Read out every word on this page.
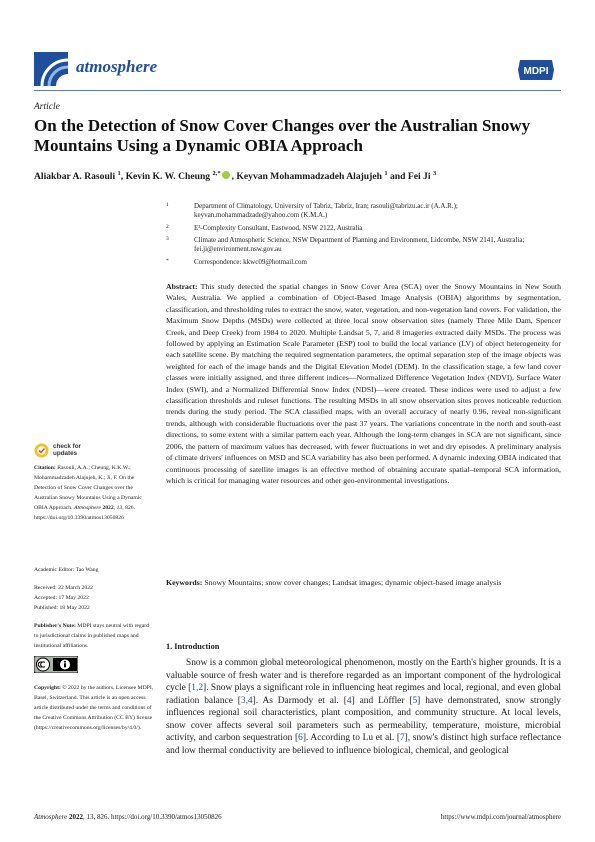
atmosphere	MDPI
Article
On the Detection of Snow Cover Changes over the Australian Snowy Mountains Using a Dynamic OBIA Approach
Aliakbar A. Rasouli $^1$, Kevin K. W. Cheung $^{2,*}$ , Keyvan Mohammadzadeh Alajujeh $^1$ and Fei Ji $^3$
1	Department of Climatology, University of Tabriz, Tabriz, Iran; rasouli@tabrizu.ac.ir (A.A.R.); keyvan.mohammadzade@yahoo.com (K.M.A.)
2	E³-Complexity Consultant, Eastwood, NSW 2122, Australia
3	Climate and Atmospheric Science, NSW Department of Planning and Environment, Lidcombe, NSW 2141, Australia; fei.ji@environment.nsw.gov.au
*	Correspondence: kkwc09@hotmail.com
Abstract: This study detected the spatial changes in Snow Cover Area (SCA) over the Snowy Mountains in New South Wales, Australia. We applied a combination of Object-Based Image Analysis (OBIA) algorithms by segmentation, classification, and thresholding rules to extract the snow, water, vegetation, and non-vegetation land covers. For validation, the Maximum Snow Depths (MSDs) were collected at three local snow observation sites (namely Three Mile Dam, Spencer Creek, and Deep Creek) from 1984 to 2020. Multiple Landsat 5, 7, and 8 imageries extracted daily MSDs. The process was followed by applying an Estimation Scale Parameter (ESP) tool to build the local variance (LV) of object heterogeneity for each satellite scene. By matching the required segmentation parameters, the optimal separation step of the image objects was weighted for each of the image bands and the Digital Elevation Model (DEM). In the classification stage, a few land cover classes were initially assigned, and three different indices—Normalized Difference Vegetation Index (NDVI), Surface Water Index (SWI), and a Normalized Differential Snow Index (NDSI)—were created. These indices were used to adjust a few classification thresholds and ruleset functions. The resulting MSDs in all snow observation sites proves noticeable reduction trends during the study period. The SCA classified maps, with an overall accuracy of nearly 0.96, reveal non-significant trends, although with considerable fluctuations over the past 37 years. The variations concentrate in the north and south-east directions, to some extent with a similar pattern each year. Although the long-term changes in SCA are not significant, since 2006, the pattern of maximum values has decreased, with fewer fluctuations in wet and dry episodes. A preliminary analysis of climate drivers' influences on MSD and SCA variability has also been performed. A dynamic indexing OBIA indicated that continuous processing of satellite images is an effective method of obtaining accurate spatial–temporal SCA information, which is critical for managing water resources and other geo-environmental investigations.
Keywords: Snowy Mountains; snow cover changes; Landsat images; dynamic object-based image analysis
check for updates
Citation: Rasouli, A.A.; Cheung, K.K.W.; Mohammadzadeh Alajujeh, K.; Ji, F. On the Detection of Snow Cover Changes over the Australian Snowy Mountains Using a Dynamic OBIA Approach. Atmosphere 2022, 13, 826. https://doi.org/10.3390/atmos13050826
Academic Editor: Tao Wang
Received: 22 March 2022
Accepted: 17 May 2022
Published: 18 May 2022
Publisher's Note: MDPI stays neutral with regard to jurisdictional claims in published maps and institutional affiliations.
Copyright: © 2022 by the authors. Licensee MDPI, Basel, Switzerland. This article is an open access article distributed under the terms and conditions of the Creative Commons Attribution (CC BY) license (https://creativecommons.org/licenses/by/4.0/).
1. Introduction
Snow is a common global meteorological phenomenon, mostly on the Earth's higher grounds. It is a valuable source of fresh water and is therefore regarded as an important component of the hydrological cycle [1,2]. Snow plays a significant role in influencing heat regimes and local, regional, and even global radiation balance [3,4]. As Darmody et al. [4] and Löffler [5] have demonstrated, snow strongly influences regional soil characteristics, plant composition, and community structure. At local levels, snow cover affects several soil parameters such as permeability, temperature, moisture, microbial activity, and carbon sequestration [6]. According to Lu et al. [7], snow's distinct high surface reflectance and low thermal conductivity are believed to influence biological, chemical, and geological
Atmosphere 2022, 13, 826. https://doi.org/10.3390/atmos13050826	https://www.mdpi.com/journal/atmosphere
